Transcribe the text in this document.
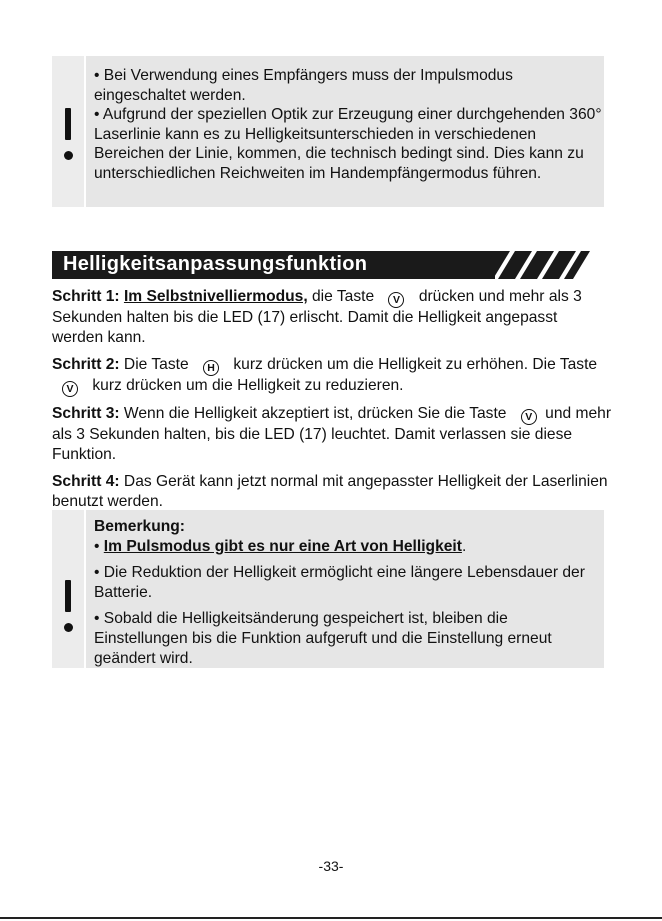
• Bei Verwendung eines Empfängers muss der Impulsmodus eingeschaltet werden.

• Aufgrund der speziellen Optik zur Erzeugung einer durchgehenden 360° Laserlinie kann es zu Helligkeitsunterschieden in verschiedenen Bereichen der Linie, kommen, die technisch bedingt sind. Dies kann zu unterschiedlichen Reichweiten im Handempfängermodus führen.

Helligkeitsanpassungsfunktion

Schritt 1: Im Selbstnivelliermodus, die Taste V drücken und mehr als 3 Sekunden halten bis die LED (17) erlischt. Damit die Helligkeit angepasst werden kann.

Schritt 2: Die Taste H kurz drücken um die Helligkeit zu erhöhen. Die Taste V kurz drücken um die Helligkeit zu reduzieren.

Schritt 3: Wenn die Helligkeit akzeptiert ist, drücken Sie die Taste V und mehr als 3 Sekunden halten, bis die LED (17) leuchtet. Damit verlassen sie diese Funktion.

Schritt 4: Das Gerät kann jetzt normal mit angepasster Helligkeit der Laserlinien benutzt werden.

Bemerkung:

• Im Pulsmodus gibt es nur eine Art von Helligkeit.

• Die Reduktion der Helligkeit ermöglicht eine längere Lebensdauer der Batterie.

• Sobald die Helligkeitsänderung gespeichert ist, bleiben die Einstellungen bis die Funktion aufgeruft und die Einstellung erneut geändert wird.

-33-
